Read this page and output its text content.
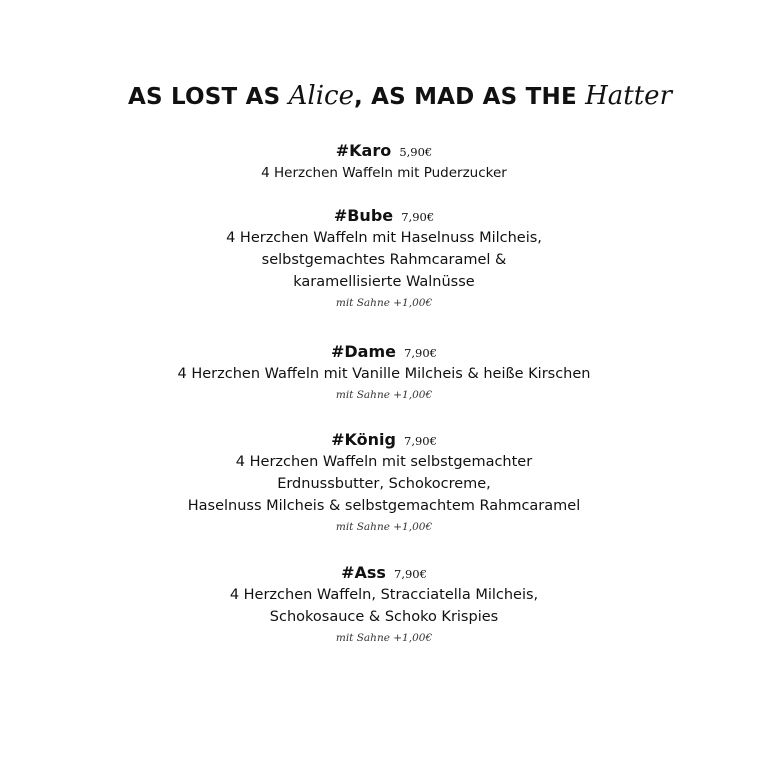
AS LOST AS Alice, AS MAD AS THE Hatter
#Karo 5,90€
4 Herzchen Waffeln mit Puderzucker
#Bube 7,90€
4 Herzchen Waffeln mit Haselnuss Milcheis,
selbstgemachtes Rahmcaramel &
karamellisierte Walnüsse
mit Sahne +1,00€
#Dame 7,90€
4 Herzchen Waffeln mit Vanille Milcheis & heiße Kirschen
mit Sahne +1,00€
#König 7,90€
4 Herzchen Waffeln mit selbstgemachter
Erdnussbutter, Schokocreme,
Haselnuss Milcheis & selbstgemachtem Rahmcaramel
mit Sahne +1,00€
#Ass 7,90€
4 Herzchen Waffeln, Stracciatella Milcheis,
Schokosauce & Schoko Krispies
mit Sahne +1,00€
